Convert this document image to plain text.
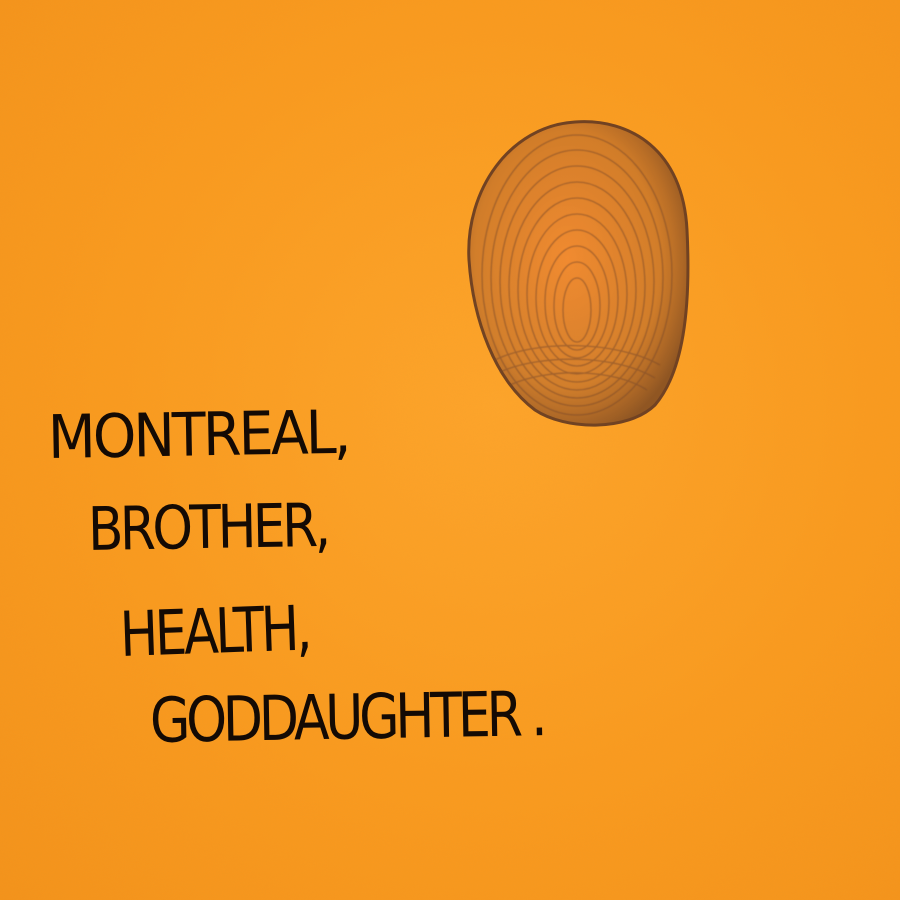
MONTREAL,

BROTHER,

HEALTH,

GODDAUGHTER .
